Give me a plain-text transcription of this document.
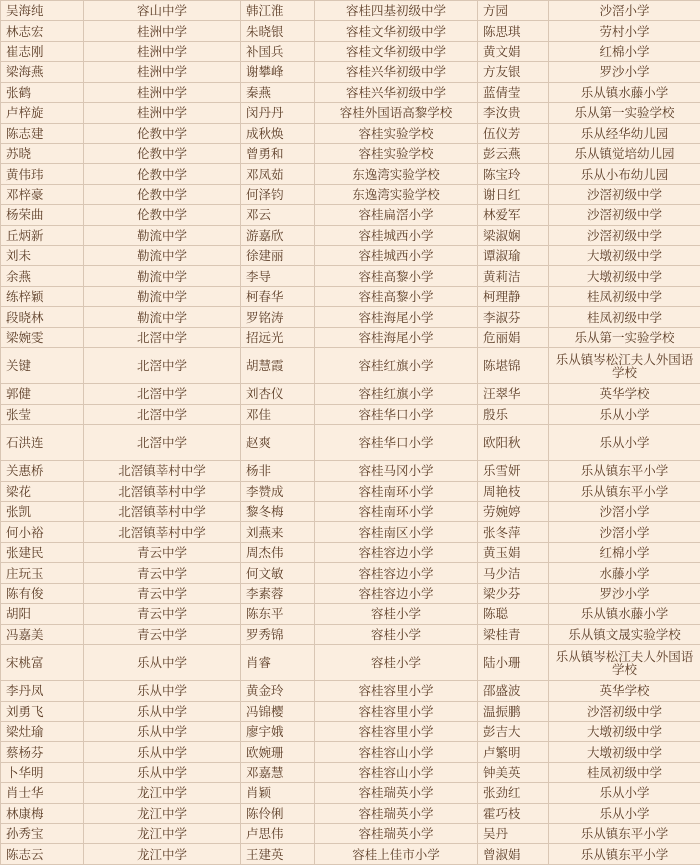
吴海纯	容山中学	韩江淮	容桂四基初级中学	方园	沙滘小学
林志宏	桂洲中学	朱晓银	容桂文华初级中学	陈思琪	劳村小学
崔志刚	桂洲中学	补国兵	容桂文华初级中学	黄文娟	红棉小学
梁海燕	桂洲中学	谢攀峰	容桂兴华初级中学	方友银	罗沙小学
张鹤	桂洲中学	秦燕	容桂兴华初级中学	蓝倩莹	乐从镇水藤小学
卢梓旋	桂洲中学	闵丹丹	容桂外国语高黎学校	李汝贵	乐从第一实验学校
陈志建	伦教中学	成秋焕	容桂实验学校	伍仪芳	乐从经华幼儿园
苏晓	伦教中学	曾勇和	容桂实验学校	彭云燕	乐从镇觉培幼儿园
黄伟玮	伦教中学	邓凤茹	东逸湾实验学校	陈宝玲	乐从小布幼儿园
邓梓豪	伦教中学	何泽钧	东逸湾实验学校	谢日红	沙滘初级中学
杨荣曲	伦教中学	邓云	容桂扁滘小学	林爱军	沙滘初级中学
丘炳新	勒流中学	游嘉欣	容桂城西小学	梁淑娴	沙滘初级中学
刘未	勒流中学	徐建丽	容桂城西小学	谭淑瑜	大墩初级中学
余燕	勒流中学	李导	容桂高黎小学	黄莉洁	大墩初级中学
练梓颖	勒流中学	柯春华	容桂高黎小学	柯理静	桂凤初级中学
段晓林	勒流中学	罗铭涛	容桂海尾小学	李淑芬	桂凤初级中学
梁婉雯	北滘中学	招远光	容桂海尾小学	危丽娟	乐从第一实验学校
关键	北滘中学	胡慧霞	容桂红旗小学	陈堪锦	乐从镇岑松江夫人外国语学校
郭健	北滘中学	刘杏仪	容桂红旗小学	汪翠华	英华学校
张莹	北滘中学	邓佳	容桂华口小学	殷乐	乐从小学
石洪连	北滘中学	赵爽	容桂华口小学	欧阳秋	乐从小学
关惠桥	北滘镇莘村中学	杨非	容桂马冈小学	乐雪妍	乐从镇东平小学
梁花	北滘镇莘村中学	李赞成	容桂南环小学	周艳枝	乐从镇东平小学
张凯	北滘镇莘村中学	黎冬梅	容桂南环小学	劳婉婷	沙滘小学
何小裕	北滘镇莘村中学	刘燕来	容桂南区小学	张冬萍	沙滘小学
张建民	青云中学	周杰伟	容桂容边小学	黄玉娟	红棉小学
庄玩玉	青云中学	何文敏	容桂容边小学	马少洁	水藤小学
陈有俊	青云中学	李素蓉	容桂容边小学	梁少芬	罗沙小学
胡阳	青云中学	陈东平	容桂小学	陈聪	乐从镇水藤小学
冯嘉美	青云中学	罗秀锦	容桂小学	梁桂青	乐从镇文晟实验学校
宋桃富	乐从中学	肖睿	容桂小学	陆小珊	乐从镇岑松江夫人外国语学校
李丹凤	乐从中学	黄金玲	容桂容里小学	邵盛波	英华学校
刘勇飞	乐从中学	冯锦樱	容桂容里小学	温振鹏	沙滘初级中学
梁灶瑜	乐从中学	廖宇娥	容桂容里小学	彭吉大	大墩初级中学
蔡杨芬	乐从中学	欧婉珊	容桂容山小学	卢繁明	大墩初级中学
卜华明	乐从中学	邓嘉慧	容桂容山小学	钟美英	桂凤初级中学
肖士华	龙江中学	肖颖	容桂瑞英小学	张劲红	乐从小学
林康梅	龙江中学	陈伶俐	容桂瑞英小学	霍巧枝	乐从小学
孙秀宝	龙江中学	卢思伟	容桂瑞英小学	吴丹	乐从镇东平小学
陈志云	龙江中学	王建英	容桂上佳市小学	曾淑娟	乐从镇东平小学
